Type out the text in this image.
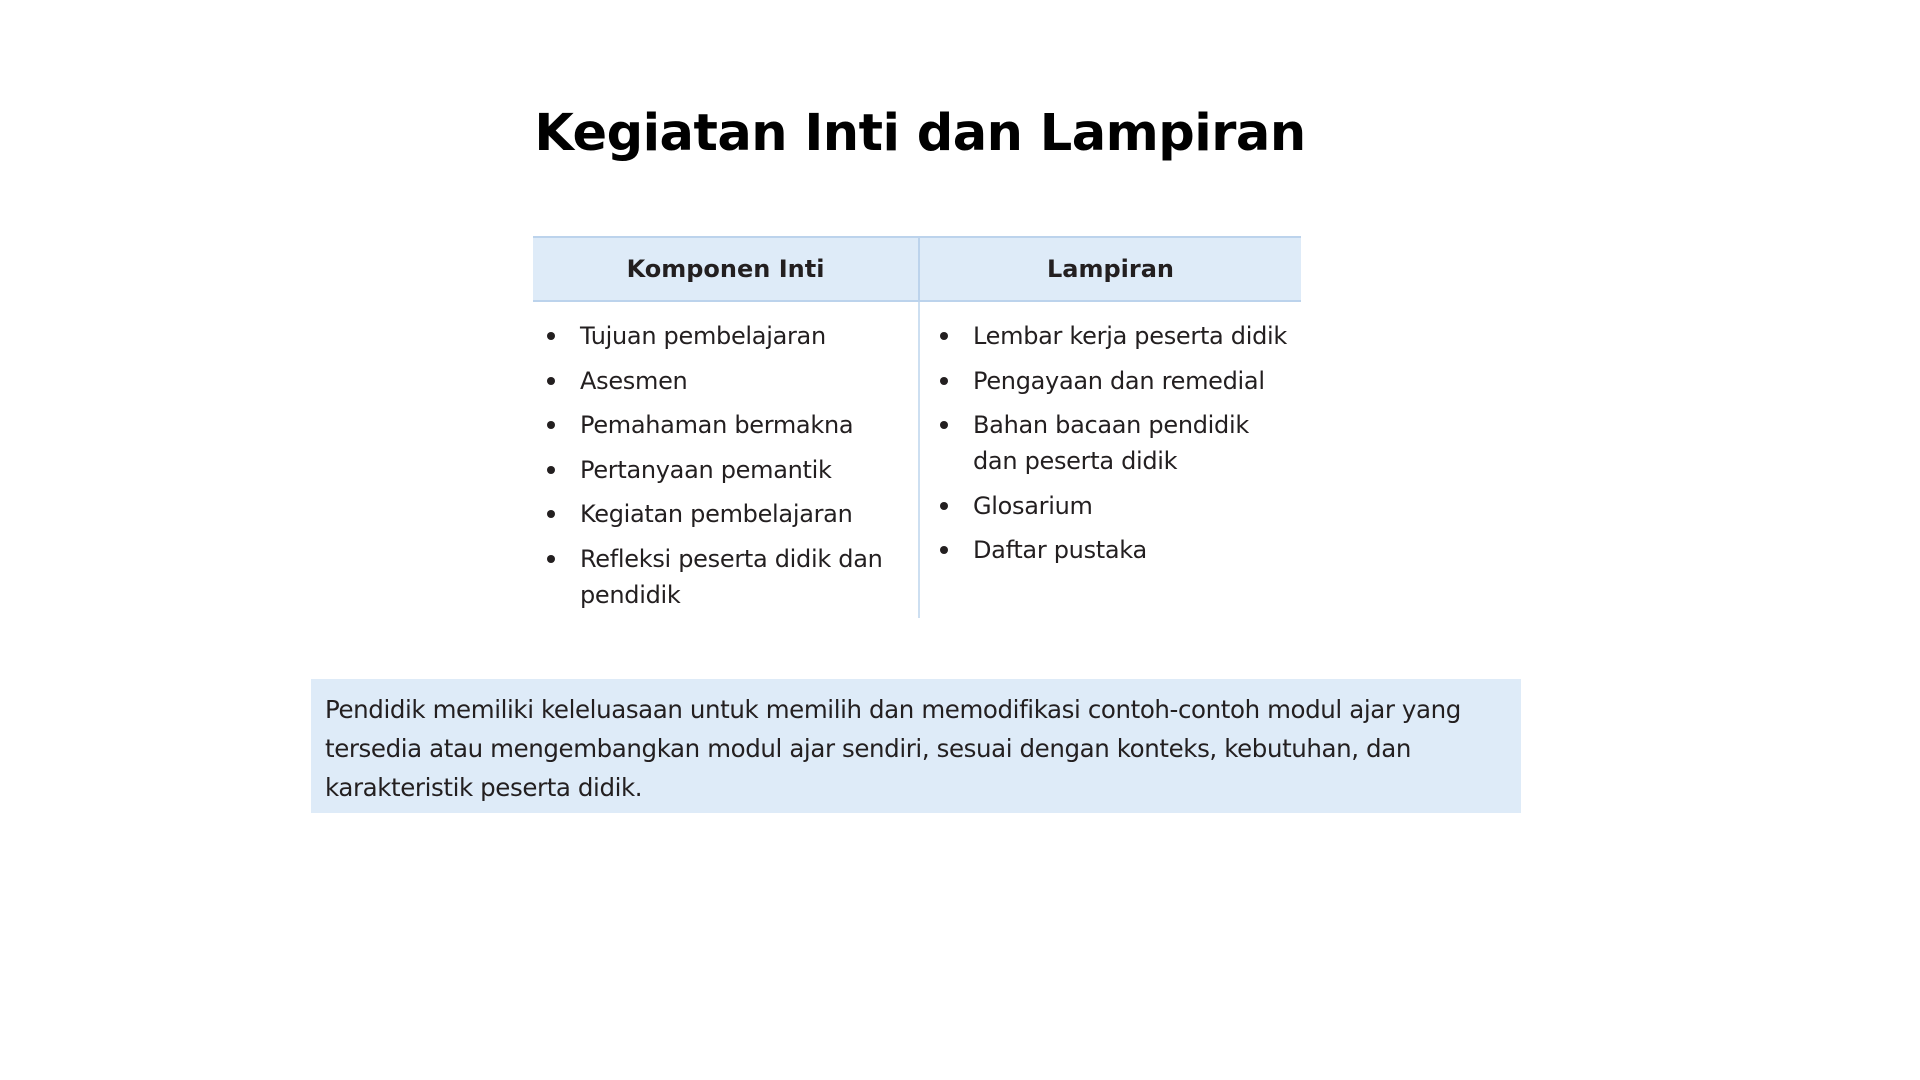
Kegiatan Inti dan Lampiran
Komponen Inti	Lampiran
Tujuan pembelajaran
Asesmen
Pemahaman bermakna
Pertanyaan pemantik
Kegiatan pembelajaran
Refleksi peserta didik dan pendidik
Lembar kerja peserta didik
Pengayaan dan remedial
Bahan bacaan pendidik dan peserta didik
Glosarium
Daftar pustaka

Pendidik memiliki keleluasaan untuk memilih dan memodifikasi contoh-contoh modul ajar yang tersedia atau mengembangkan modul ajar sendiri, sesuai dengan konteks, kebutuhan, dan karakteristik peserta didik.
